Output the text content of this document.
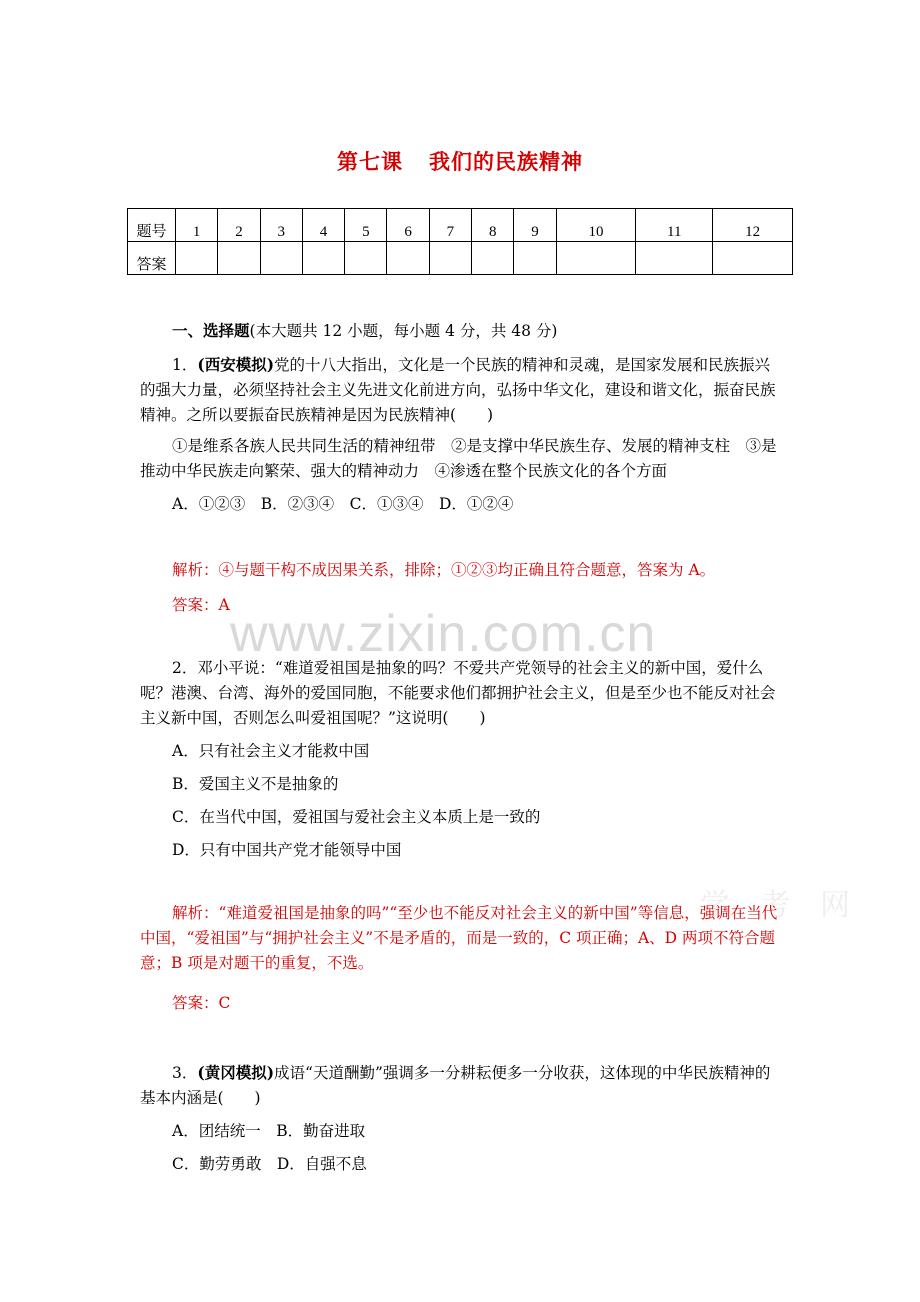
第七课 我们的民族精神
题号	1	2	3	4	5	6	7	8	9	10	11	12
答案												

一、选择题(本大题共 12 小题，每小题 4 分，共 48 分)

1．(西安模拟)党的十八大指出，文化是一个民族的精神和灵魂，是国家发展和民族振兴的强大力量，必须坚持社会主义先进文化前进方向，弘扬中华文化，建设和谐文化，振奋民族精神。之所以要振奋民族精神是因为民族精神(　　)

①是维系各族人民共同生活的精神纽带　②是支撑中华民族生存、发展的精神支柱　③是推动中华民族走向繁荣、强大的精神动力　④渗透在整个民族文化的各个方面

A．①②③　B．②③④　C．①③④　D．①②④

解析：④与题干构不成因果关系，排除；①②③均正确且符合题意，答案为 A。

答案：A www.zixin.com.cn

2．邓小平说：“难道爱祖国是抽象的吗？不爱共产党领导的社会主义的新中国，爱什么呢？港澳、台湾、海外的爱国同胞，不能要求他们都拥护社会主义，但是至少也不能反对社会主义新中国，否则怎么叫爱祖国呢？”这说明(　　)

A．只有社会主义才能救中国

B．爱国主义不是抽象的

C．在当代中国，爱祖国与爱社会主义本质上是一致的

D．只有中国共产党才能领导中国

学　考　网

解析：“难道爱祖国是抽象的吗”“至少也不能反对社会主义的新中国”等信息，强调在当代中国，“爱祖国”与“拥护社会主义”不是矛盾的，而是一致的，C 项正确；A、D 两项不符合题意；B 项是对题干的重复，不选。

答案：C

3．(黄冈模拟)成语“天道酬勤”强调多一分耕耘便多一分收获，这体现的中华民族精神的基本内涵是(　　)

A．团结统一　B．勤奋进取

C．勤劳勇敢　D．自强不息
